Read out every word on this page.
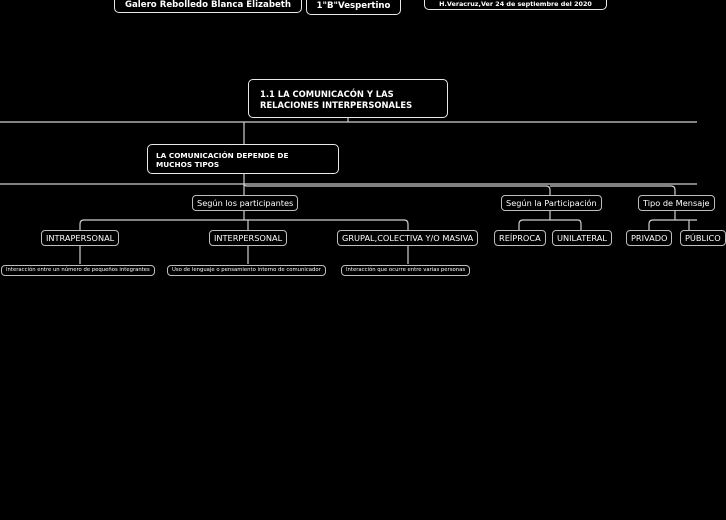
Galero Rebolledo Blanca Elizabeth	1"B"Vespertino	H.Veracruz,Ver 24 de septiembre del 2020
1.1 LA COMUNICACÓN Y LAS
RELACIONES INTERPERSONALES
LA COMUNICACIÓN DEPENDE DE
MUCHOS TIPOS
Según los participantes	Según la Participación	Tipo de Mensaje
INTRAPERSONAL	INTERPERSONAL	GRUPAL,COLECTIVA Y/O MASIVA
Interacción entre un número de pequeños integrantes	Uso de lenguaje o pensamiento interno de comunicador	Interacción que ocurre entre varias personas
REÍPROCA	UNILATERAL	PRIVADO	PÚBLICO
